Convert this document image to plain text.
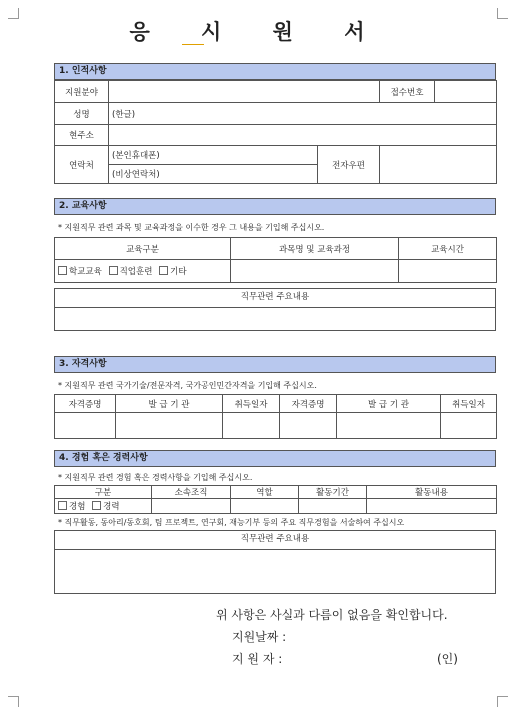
응 시 원 서
1. 인적사항
지원분야			접수번호	
성명	(한글)			
현주소				
연락처	(본인휴대폰)	전자우편		
	(비상연락처)			
2. 교육사항
* 지원직무 관련 과목 및 교육과정을 이수한 경우 그 내용을 기입해 주십시오.
교육구분	과목명 및 교육과정	교육시간
학교교육 직업훈련 기타		
직무관련 주요내용
3. 자격사항
* 지원직무 관련 국가기술/전문자격, 국가공인민간자격을 기입해 주십시오.
자격증명	발 급 기 관	취득일자	자격증명	발 급 기 관	취득일자

4. 경험 혹은 경력사항
* 지원직무 관련 경험 혹은 경력사항을 기입해 주십시오.
구분	소속조직	역할	활동기간	활동내용
경험 경력				
* 직무활동, 동아리/동호회, 팀 프로젝트, 연구회, 재능기부 등의 주요 직무경험을 서술하여 주십시오
직무관련 주요내용
위 사항은 사실과 다름이 없음을 확인합니다.
지원날짜 :
지 원 자 :	(인)
